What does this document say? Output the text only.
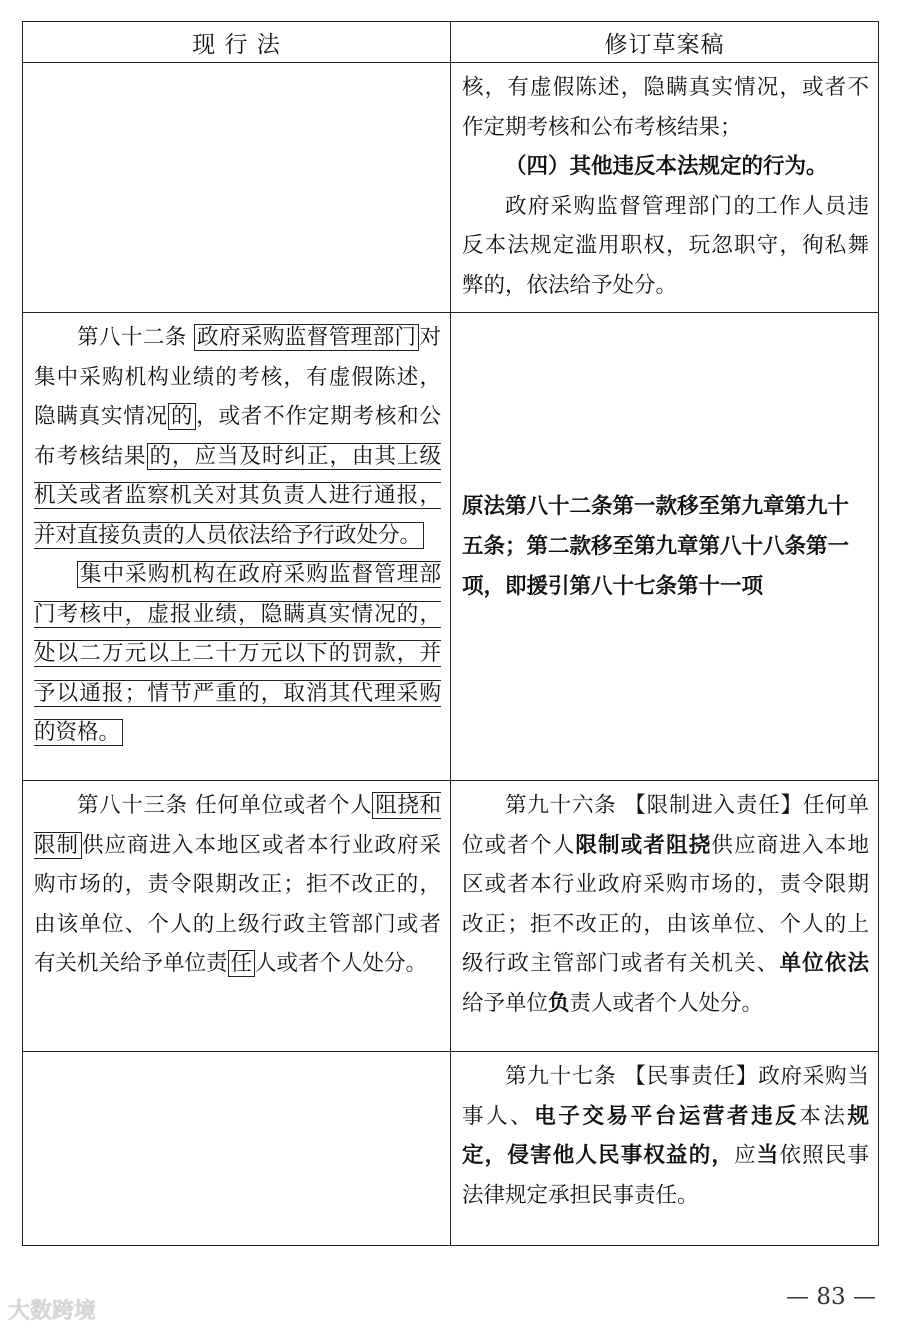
现 行 法	修订草案稿

	核，有虚假陈述，隐瞒真实情况，或者不作定期考核和公布考核结果；

（四）其他违反本法规定的行为。

政府采购监督管理部门的工作人员违反本法规定滥用职权，玩忽职守，徇私舞弊的，依法给予处分。

第八十二条 政府采购监督管理部门 对集中采购机构业绩的考核，有虚假陈述，隐瞒真实情况 的 ，或者不作定期考核和公布考核结果 的，应当及时纠正，由其上级机关或者监察机关对其负责人进行通报，并对直接负责的人员依法给予行政处分。

集中采购机构在政府采购监督管理部门考核中，虚报业绩，隐瞒真实情况的，处以二万元以上二十万元以下的罚款，并予以通报；情节严重的，取消其代理采购的资格。	原法第八十二条第一款移至第九章第九十五条；第二款移至第九章第八十八条第一项，即援引第八十七条第十一项

第八十三条 任何单位或者个人 阻挠和限制 供应商进入本地区或者本行业政府采购市场的，责令限期改正；拒不改正的，由该单位、个人的上级行政主管部门或者有关机关给予单位责 任 人或者个人处分。	第九十六条 【限制进入责任】任何单位或者个人限制或者阻挠供应商进入本地区或者本行业政府采购市场的，责令限期改正；拒不改正的，由该单位、个人的上级行政主管部门或者有关机关、单位依法给予单位负责人或者个人处分。

	第九十七条 【民事责任】政府采购当事人、电子交易平台运营者违反本法规定，侵害他人民事权益的，应当依照民事法律规定承担民事责任。

— 83 —
大数跨境
